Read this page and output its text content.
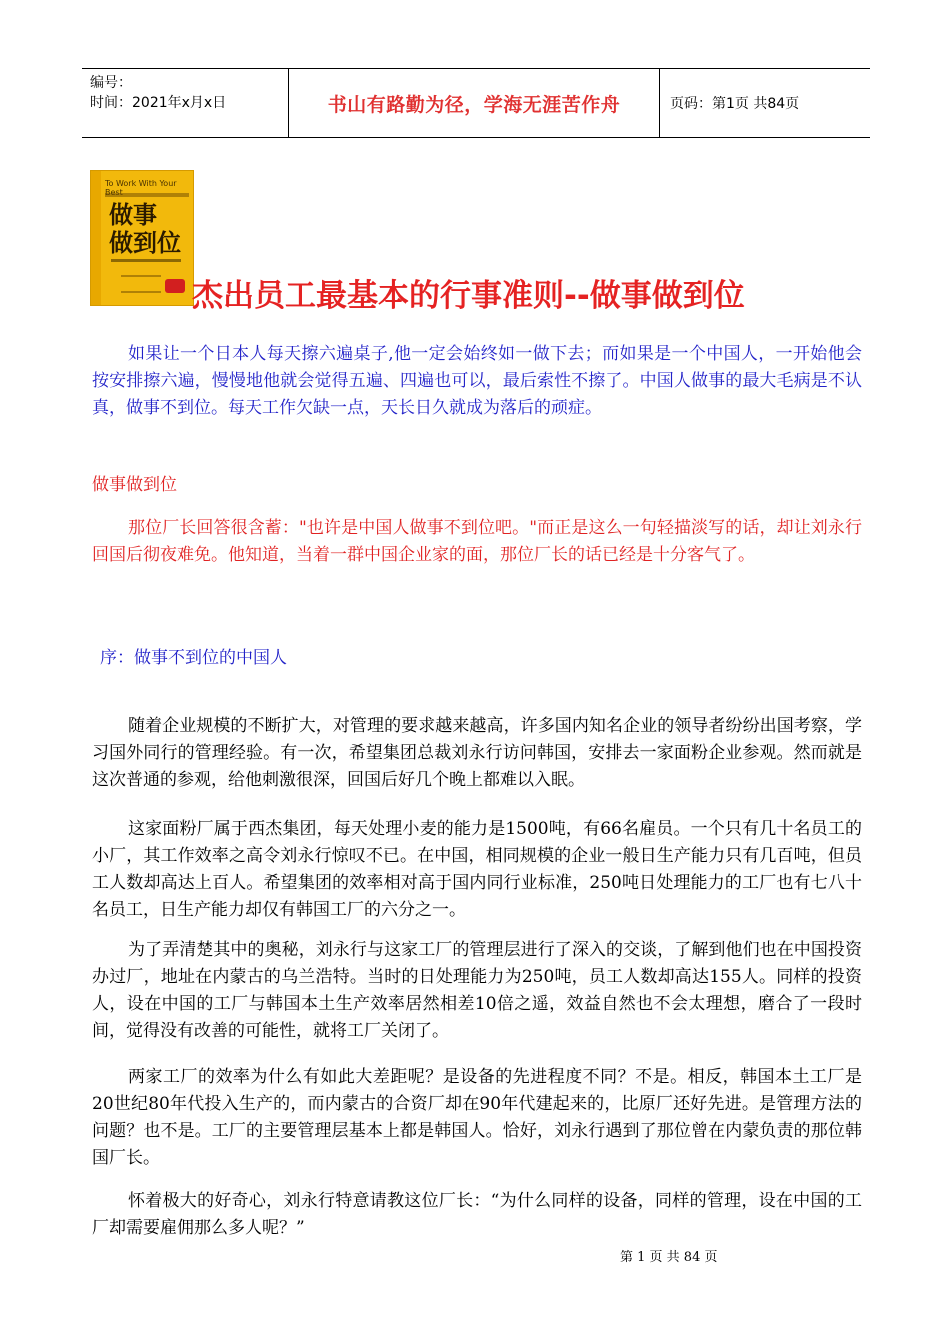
编号：
时间：2021年x月x日	书山有路勤为径，学海无涯苦作舟	页码：第1页 共84页
To Work With Your
做事
做到位
杰出员工最基本的行事准则--做事做到位

如果让一个日本人每天擦六遍桌子,他一定会始终如一做下去；而如果是一个中国人，一开始他会按安排擦六遍，慢慢地他就会觉得五遍、四遍也可以，最后索性不擦了。中国人做事的最大毛病是不认真，做事不到位。每天工作欠缺一点，天长日久就成为落后的顽症。

做事做到位

那位厂长回答很含蓄："也许是中国人做事不到位吧。"而正是这么一句轻描淡写的话，却让刘永行回国后彻夜难免。他知道，当着一群中国企业家的面，那位厂长的话已经是十分客气了。

序：做事不到位的中国人

随着企业规模的不断扩大，对管理的要求越来越高，许多国内知名企业的领导者纷纷出国考察，学习国外同行的管理经验。有一次，希望集团总裁刘永行访问韩国，安排去一家面粉企业参观。然而就是这次普通的参观，给他刺激很深，回国后好几个晚上都难以入眠。

这家面粉厂属于西杰集团，每天处理小麦的能力是1500吨，有66名雇员。一个只有几十名员工的小厂，其工作效率之高令刘永行惊叹不已。在中国，相同规模的企业一般日生产能力只有几百吨，但员工人数却高达上百人。希望集团的效率相对高于国内同行业标准，250吨日处理能力的工厂也有七八十名员工，日生产能力却仅有韩国工厂的六分之一。

为了弄清楚其中的奥秘，刘永行与这家工厂的管理层进行了深入的交谈，了解到他们也在中国投资办过厂，地址在内蒙古的乌兰浩特。当时的日处理能力为250吨，员工人数却高达155人。同样的投资人，设在中国的工厂与韩国本土生产效率居然相差10倍之遥，效益自然也不会太理想，磨合了一段时间，觉得没有改善的可能性，就将工厂关闭了。

两家工厂的效率为什么有如此大差距呢？是设备的先进程度不同？不是。相反，韩国本土工厂是20世纪80年代投入生产的，而内蒙古的合资厂却在90年代建起来的，比原厂还好先进。是管理方法的问题？也不是。工厂的主要管理层基本上都是韩国人。恰好，刘永行遇到了那位曾在内蒙负责的那位韩国厂长。

怀着极大的好奇心，刘永行特意请教这位厂长：“为什么同样的设备，同样的管理，设在中国的工厂却需要雇佣那么多人呢？”

第 1 页 共 84 页
